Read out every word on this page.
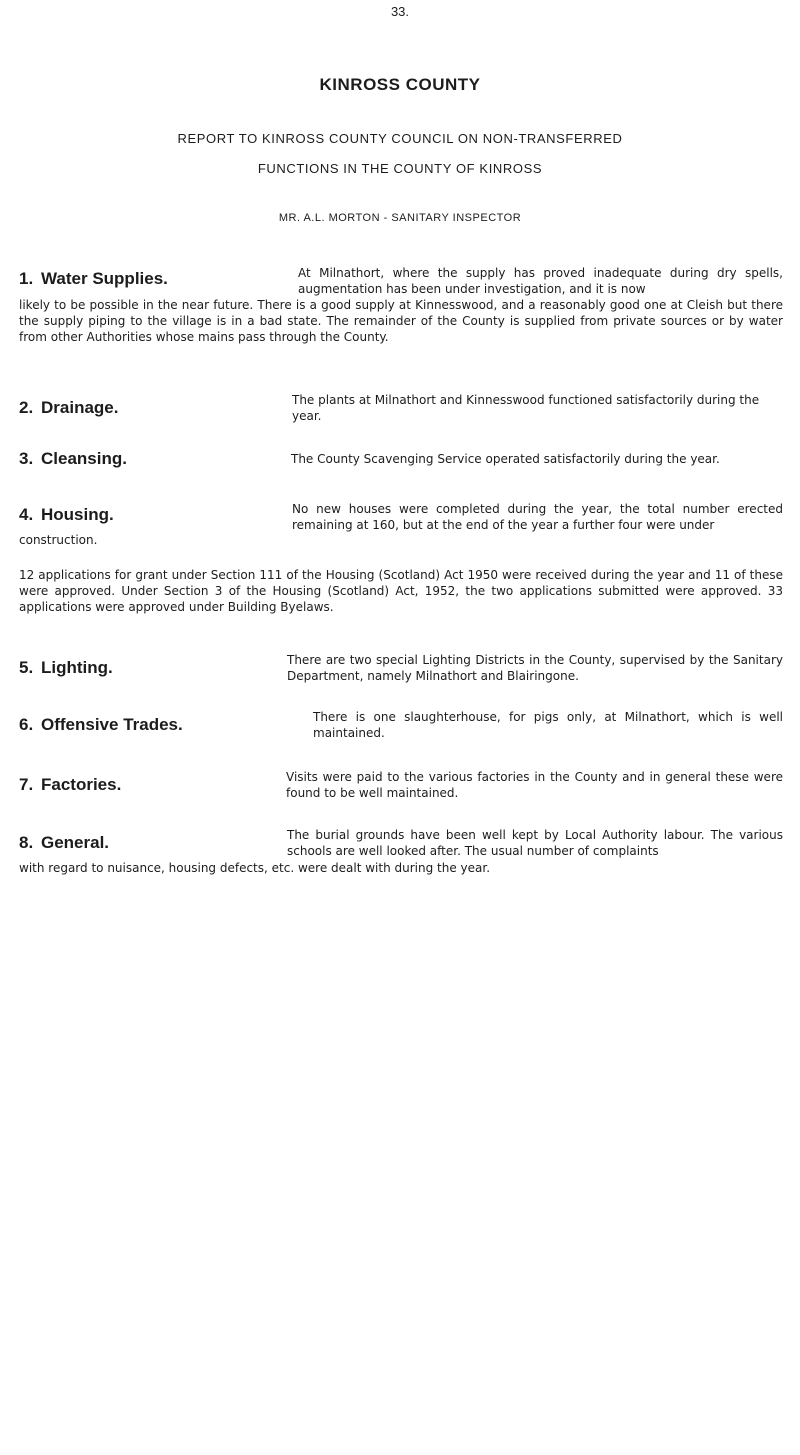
33.
KINROSS COUNTY
REPORT TO KINROSS COUNTY COUNCIL ON NON-TRANSFERRED
FUNCTIONS IN THE COUNTY OF KINROSS
MR. A.L. MORTON - SANITARY INSPECTOR
1. Water Supplies.	At Milnathort, where the supply has proved inadequate during dry spells, augmentation has been under investigation, and it is now

likely to be possible in the near future. There is a good supply at Kinnesswood, and a reasonably good one at Cleish but there the supply piping to the village is in a bad state. The remainder of the County is supplied from private sources or by water from other Authorities whose mains pass through the County.

2. Drainage.	The plants at Milnathort and Kinnesswood functioned satisfactorily during the year.

3. Cleansing.	The County Scavenging Service operated satisfactorily during the year.

4. Housing.	No new houses were completed during the year, the total number erected remaining at 160, but at the end of the year a further four were under

construction.

12 applications for grant under Section 111 of the Housing (Scotland) Act 1950 were received during the year and 11 of these were approved. Under Section 3 of the Housing (Scotland) Act, 1952, the two applications submitted were approved. 33 applications were approved under Building Byelaws.

5. Lighting.	There are two special Lighting Districts in the County, supervised by the Sanitary Department, namely Milnathort and Blairingone.

6. Offensive Trades.	There is one slaughterhouse, for pigs only, at Milnathort, which is well maintained.

7. Factories.	Visits were paid to the various factories in the County and in general these were found to be well maintained.

8. General.	The burial grounds have been well kept by Local Authority labour. The various schools are well looked after. The usual number of complaints

with regard to nuisance, housing defects, etc. were dealt with during the year.
